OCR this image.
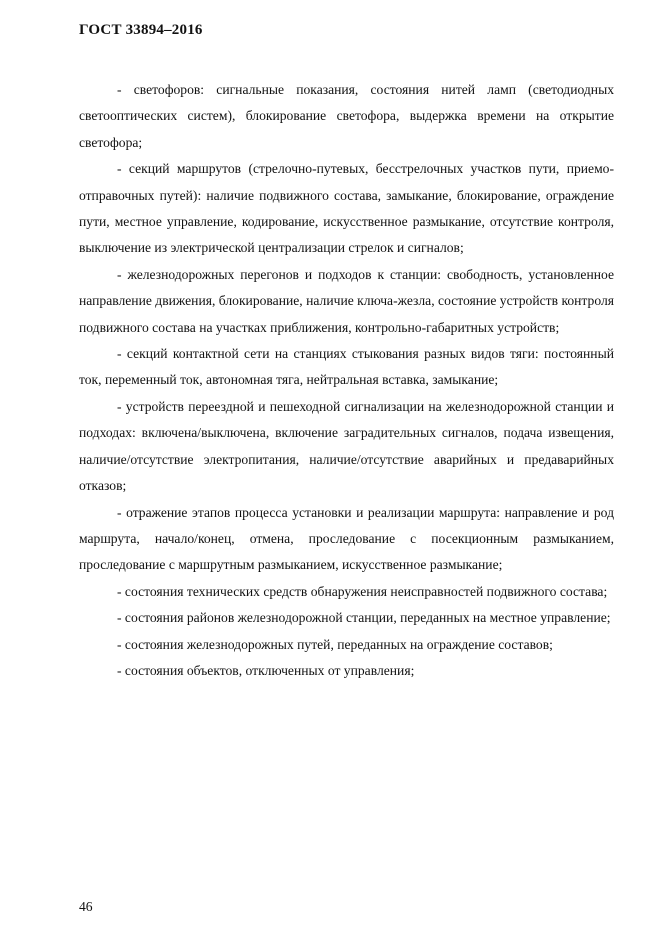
ГОСТ 33894–2016

- светофоров: сигнальные показания, состояния нитей ламп (светодиодных светооптических систем), блокирование светофора, выдержка времени на открытие светофора;

- секций маршрутов (стрелочно-путевых, бесстрелочных участков пути, приемо-отправочных путей): наличие подвижного состава, замыкание, блокирование, ограждение пути, местное управление, кодирование, искусственное размыкание, отсутствие контроля, выключение из электрической централизации стрелок и сигналов;

- железнодорожных перегонов и подходов к станции: свободность, установленное направление движения, блокирование, наличие ключа-жезла, состояние устройств контроля подвижного состава на участках приближения, контрольно-габаритных устройств;

- секций контактной сети на станциях стыкования разных видов тяги: постоянный ток, переменный ток, автономная тяга, нейтральная вставка, замыкание;

- устройств переездной и пешеходной сигнализации на железнодорожной станции и подходах: включена/выключена, включение заградительных сигналов, подача извещения, наличие/отсутствие электропитания, наличие/отсутствие аварийных и предаварийных отказов;

- отражение этапов процесса установки и реализации маршрута: направление и род маршрута, начало/конец, отмена, проследование с посекционным размыканием, проследование с маршрутным размыканием, искусственное размыкание;

- состояния технических средств обнаружения неисправностей подвижного состава;

- состояния районов железнодорожной станции, переданных на местное управление;

- состояния железнодорожных путей, переданных на ограждение составов;

- состояния объектов, отключенных от управления;

46
